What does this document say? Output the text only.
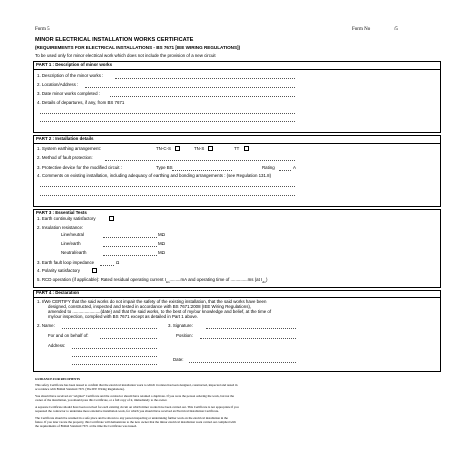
Form 5	Form No	/5
MINOR ELECTRICAL INSTALLATION WORKS CERTIFICATE
(REQUIREMENTS FOR ELECTRICAL INSTALLATIONS - BS 7671 [IEE WIRING REGULATIONS])
To be used only for minor electrical work which does not include the provision of a new circuit
PART 1 : Description of minor works
1. Description of the minor works :
2. Location/Address :
3. Date minor works completed :
4. Details of departures, if any, from BS 7671
PART 2 : Installation details
1. System earthing arrangement:	TN-C-S	TN-S	TT
2. Method of fault protection:
3. Protective device for the modified circuit :	Type BS	Rating	A
4. Comments on existing installation, including adequacy of earthing and bonding arrangements : (see Regulation 131.8)
PART 3 : Essential Tests
1. Earth continuity satisfactory
2. Insulation resistance:
Line/neutral	MΩ
Line/earth	MΩ
Neutral/earth	MΩ
3. Earth fault loop impedance	Ω
4. Polarity satisfactory
5. RCD operation (if applicable): Rated residual operating current $I_{\Delta n}.........mA$ and operating time of ..............ms (at $I_{\Delta n}$)
PART 4 : Declaration
1. I/We CERTIFY that the said works do not impair the safety of the existing installation, that the said works have been
designed, constructed, inspected and tested in accordance with BS 7671:2008 (IEE Wiring Regulations),
amended to .......................(date) and that the said works, to the best of my/our knowledge and belief, at the time of
my/our inspection, complied with BS 7671 except as detailed in Part 1 above.
2. Name:	3. Signature:
For and on behalf of:	Position:
Address:
Date:
GUIDANCE FOR RECIPIENTS
This safety Certificate has been issued to confirm that the electrical installation work to which it relates has been designed, constructed, inspected and tested in
accordance with British Standard 7671 (The IEE Wiring Regulations).
You should have received an "original" Certificate and the contractor should have retained a duplicate. If you were the person ordering the work, but not the
owner of the installation, you should pass this Certificate, or a full copy of it, immediately to the owner.
A separate Certificate should have been received for each existing circuit on which minor works have been carried out. This Certificate is not appropriate if you
requested the contractor to undertake more extensive installation work, for which you should have received an Electrical Installation Certificate.
The Certificate should be retained in a safe place and be shown to any person inspecting or undertaking further work on the electrical installation in the
future. If you later vacate the property, this Certificate will demonstrate to the new owner that the minor electrical installation work carried out complied with
the requirements of British Standard 7671 at the time the Certificate was issued.
